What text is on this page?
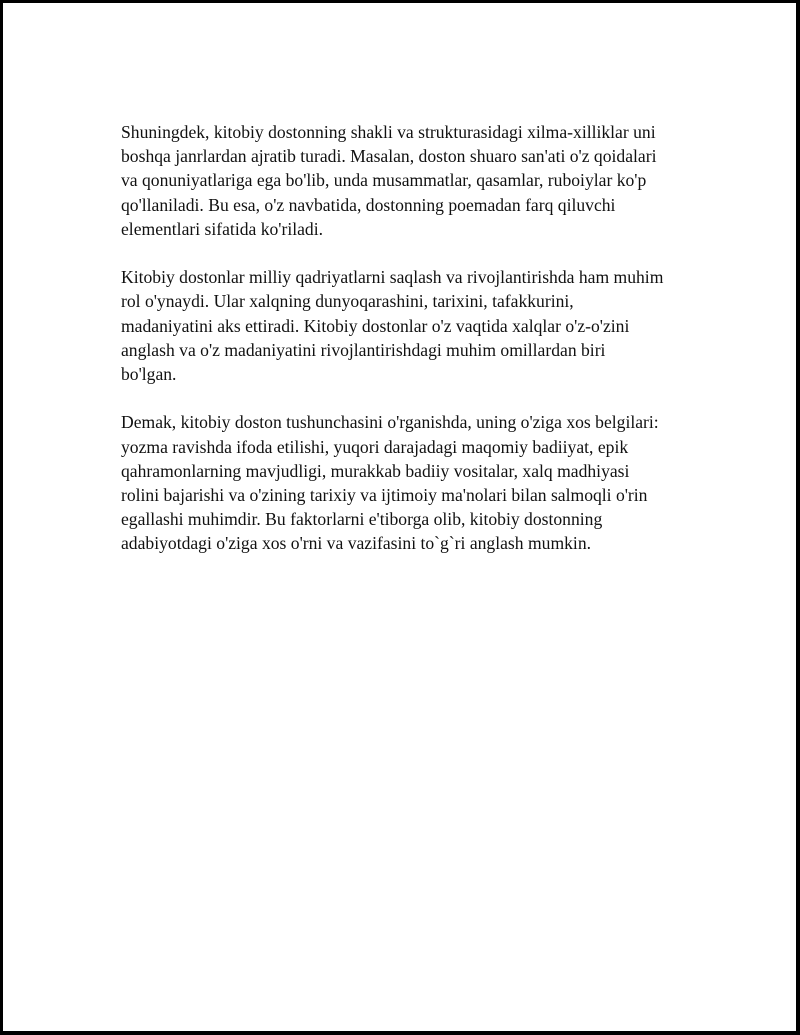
Shuningdek, kitobiy dostonning shakli va strukturasidagi xilma-xilliklar uni
boshqa janrlardan ajratib turadi. Masalan, doston shuaro san'ati o'z qoidalari
va qonuniyatlariga ega bo'lib, unda musammatlar, qasamlar, ruboiylar ko'p
qo'llaniladi. Bu esa, o'z navbatida, dostonning poemadan farq qiluvchi
elementlari sifatida ko'riladi.

Kitobiy dostonlar milliy qadriyatlarni saqlash va rivojlantirishda ham muhim
rol o'ynaydi. Ular xalqning dunyoqarashini, tarixini, tafakkurini,
madaniyatini aks ettiradi. Kitobiy dostonlar o'z vaqtida xalqlar o'z-o'zini
anglash va o'z madaniyatini rivojlantirishdagi muhim omillardan biri
bo'lgan.

Demak, kitobiy doston tushunchasini o'rganishda, uning o'ziga xos belgilari:
yozma ravishda ifoda etilishi, yuqori darajadagi maqomiy badiiyat, epik
qahramonlarning mavjudligi, murakkab badiiy vositalar, xalq madhiyasi
rolini bajarishi va o'zining tarixiy va ijtimoiy ma'nolari bilan salmoqli o'rin
egallashi muhimdir. Bu faktorlarni e'tiborga olib, kitobiy dostonning
adabiyotdagi o'ziga xos o'rni va vazifasini to`g`ri anglash mumkin.
